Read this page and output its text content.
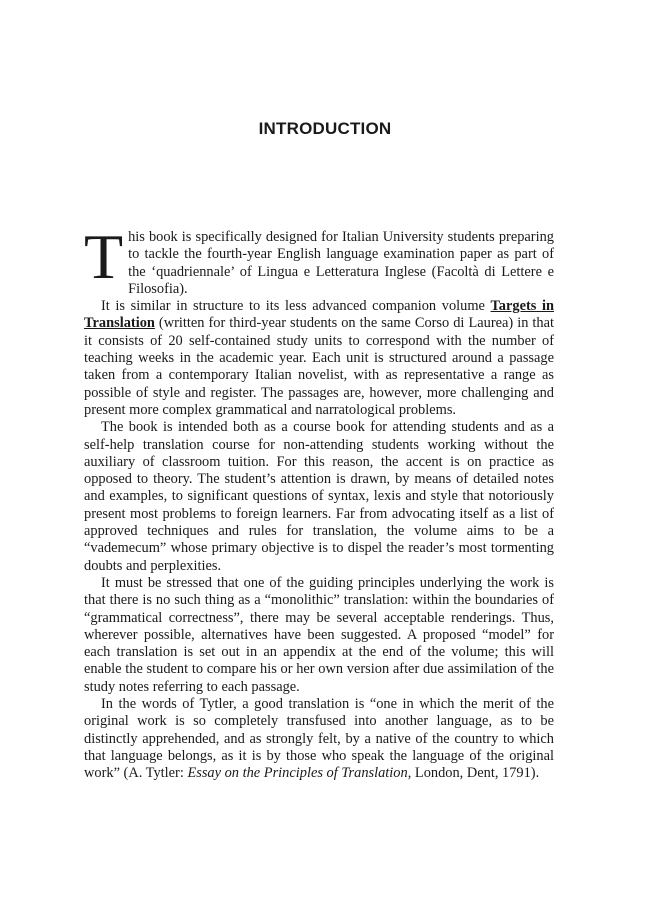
INTRODUCTION

This book is specifically designed for Italian University students preparing to tackle the fourth-year English language examination paper as part of the ‘quadriennale’ of Lingua e Letteratura Inglese (Facoltà di Lettere e Filosofia).

It is similar in structure to its less advanced companion volume Targets in Translation (written for third-year students on the same Corso di Laurea) in that it consists of 20 self-contained study units to correspond with the number of teaching weeks in the academic year. Each unit is structured around a passage taken from a contemporary Italian novelist, with as representative a range as possible of style and register. The passages are, however, more challenging and present more complex grammatical and narratological problems.

The book is intended both as a course book for attending students and as a self-help translation course for non-attending students working without the auxiliary of classroom tuition. For this reason, the accent is on practice as opposed to theory. The student’s attention is drawn, by means of detailed notes and examples, to significant questions of syntax, lexis and style that notoriously present most problems to foreign learners. Far from advocating itself as a list of approved techniques and rules for translation, the volume aims to be a “vademecum” whose primary objective is to dispel the reader’s most tormenting doubts and perplexities.

It must be stressed that one of the guiding principles underlying the work is that there is no such thing as a “monolithic” translation: within the boundaries of “grammatical correctness”, there may be several acceptable renderings. Thus, wherever possible, alternatives have been suggested. A proposed “model” for each translation is set out in an appendix at the end of the volume; this will enable the student to compare his or her own version after due assimilation of the study notes referring to each passage.

In the words of Tytler, a good translation is “one in which the merit of the original work is so completely transfused into another language, as to be distinctly apprehended, and as strongly felt, by a native of the country to which that language belongs, as it is by those who speak the language of the original work” (A. Tytler: Essay on the Principles of Translation, London, Dent, 1791).
